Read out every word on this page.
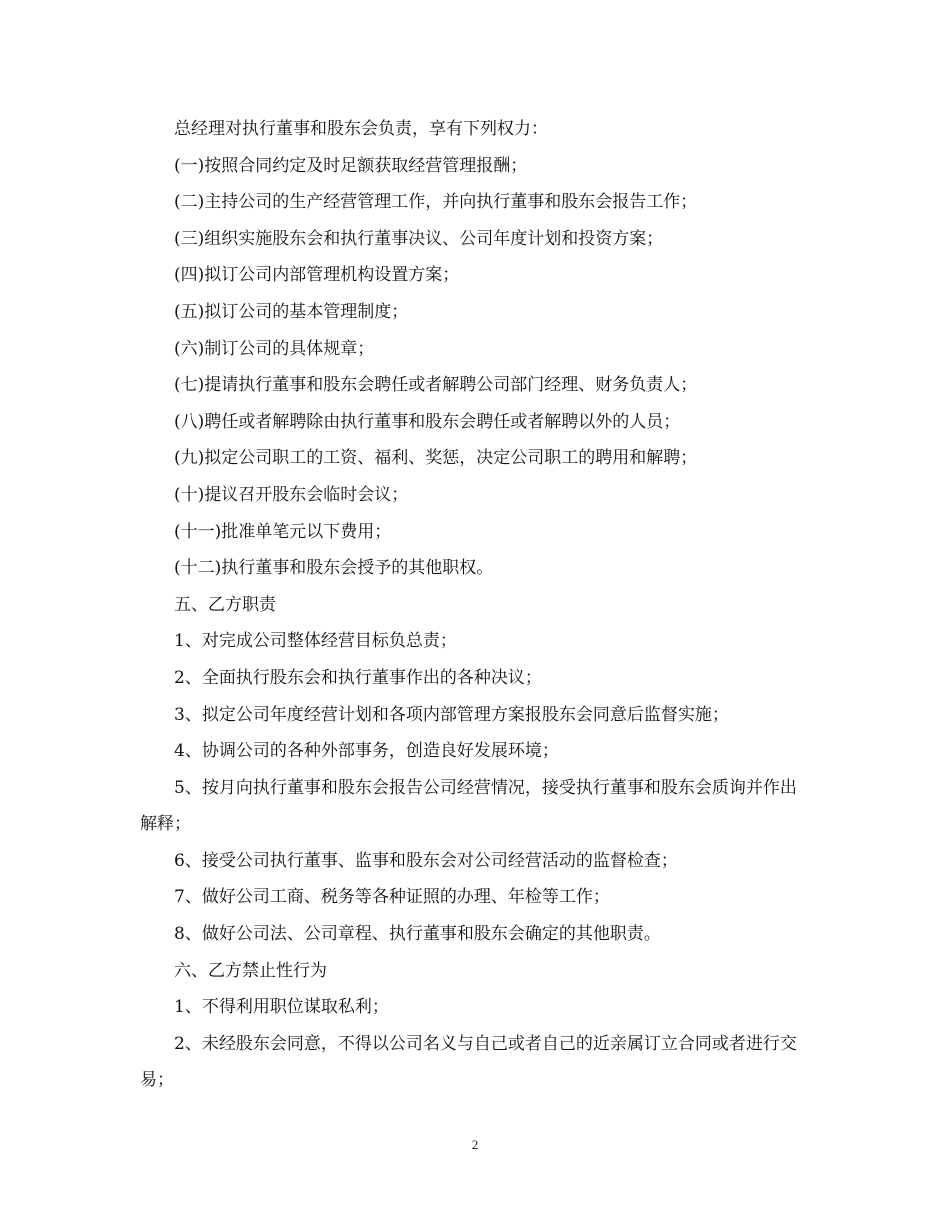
总经理对执行董事和股东会负责，享有下列权力：

(一)按照合同约定及时足额获取经营管理报酬；

(二)主持公司的生产经营管理工作，并向执行董事和股东会报告工作；

(三)组织实施股东会和执行董事决议、公司年度计划和投资方案；

(四)拟订公司内部管理机构设置方案；

(五)拟订公司的基本管理制度；

(六)制订公司的具体规章；

(七)提请执行董事和股东会聘任或者解聘公司部门经理、财务负责人；

(八)聘任或者解聘除由执行董事和股东会聘任或者解聘以外的人员；

(九)拟定公司职工的工资、福利、奖惩，决定公司职工的聘用和解聘；

(十)提议召开股东会临时会议；

(十一)批准单笔元以下费用；

(十二)执行董事和股东会授予的其他职权。

五、乙方职责

1、对完成公司整体经营目标负总责；

2、全面执行股东会和执行董事作出的各种决议；

3、拟定公司年度经营计划和各项内部管理方案报股东会同意后监督实施；

4、协调公司的各种外部事务，创造良好发展环境；

5、按月向执行董事和股东会报告公司经营情况，接受执行董事和股东会质询并作出解释；

6、接受公司执行董事、监事和股东会对公司经营活动的监督检查；

7、做好公司工商、税务等各种证照的办理、年检等工作；

8、做好公司法、公司章程、执行董事和股东会确定的其他职责。

六、乙方禁止性行为

1、不得利用职位谋取私利；

2、未经股东会同意，不得以公司名义与自己或者自己的近亲属订立合同或者进行交易；

2
